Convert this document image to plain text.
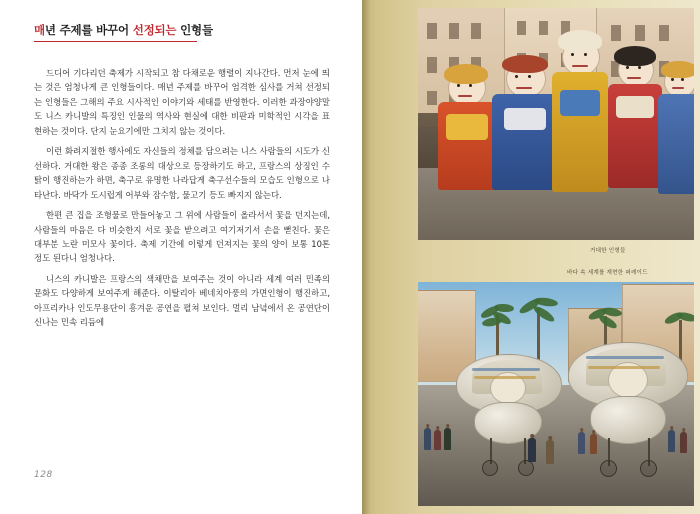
매년 주제를 바꾸어 선정되는 인형들

드디어 기다리던 축제가 시작되고 참 다채로운 행렬이 지나간다. 먼저 눈에 띄는 것은 엄청나게 큰 인형들이다. 매년 주제를 바꾸어 엄격한 심사를 거쳐 선정되는 인형들은 그해의 주요 시사적인 이야기와 세태를 반영한다. 이러한 과장야양말도 니스 카니발의 특징인 인물의 역사와 현실에 대한 비판과 미학적인 시각을 표현하는 것이다. 단지 눈요기에만 그치지 않는 것이다.

이런 화려지절한 행사에도 자신들의 정체를 담으려는 니스 사람들의 시도가 신선하다. 거대한 왕은 종종 조롱의 대상으로 등장하기도 하고, 프랑스의 상징인 수탉이 행진하는가 하면, 축구로 유명한 나라답게 축구선수들의 모습도 인형으로 나타난다. 바닥가 도시럽게 어부와 잠수함, 물고기 등도 빠지지 않는다.

한편 큰 집을 조형물로 만들어놓고 그 위에 사람들이 올라서서 꽃을 던지는데, 사람들의 마음은 다 비슷한지 서로 꽃을 받으려고 여기저기서 손을 뻗친다. 꽃은 대부분 노란 미모사 꽃이다. 축제 기간에 이렇게 던져지는 꽃의 양이 보통 10톤 정도 된다니 엄청나다.

니스의 카니발은 프랑스의 색채만을 보여주는 것이 아니라 세계 여러 민족의 문화도 다양하게 보여주게 해준다. 이탈리아 베네치아풍의 가면인형이 행진하고, 아프리카나 인도무용단이 흥겨운 공연을 펼쳐 보인다. 멀리 남녘에서 온 공연단이 신나는 민속 리듬에

128
거대한 인형들
바다 속 세계를 재현한 퍼레이드
